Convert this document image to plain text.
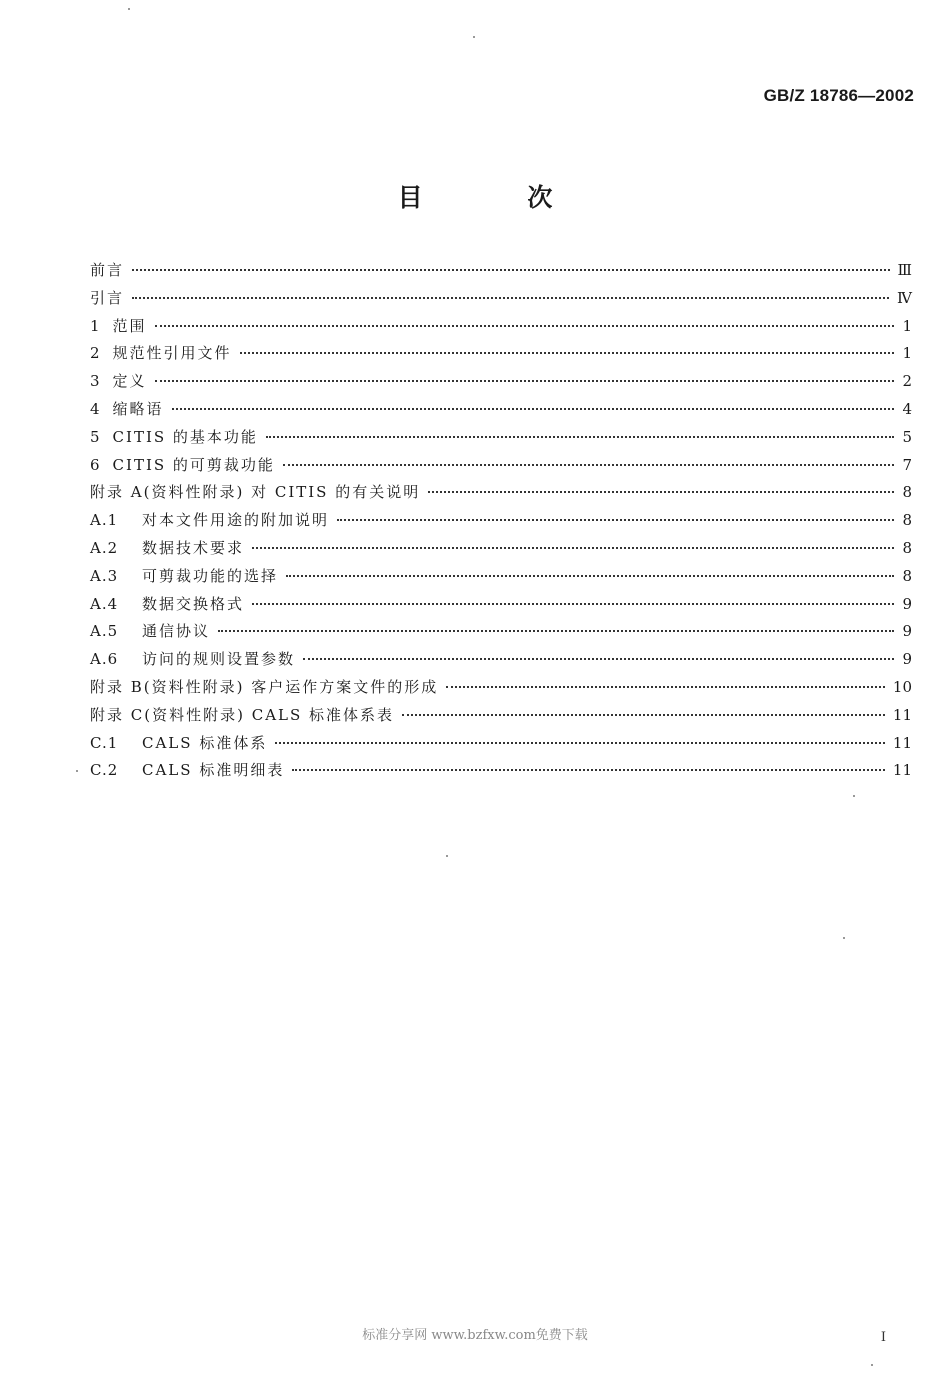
GB/Z 18786—2002
目 次
前言	Ⅲ
引言	Ⅳ
1 范围	1
2 规范性引用文件	1
3 定义	2
4 缩略语	4
5 CITIS 的基本功能	5
6 CITIS 的可剪裁功能	7
附录 A(资料性附录) 对 CITIS 的有关说明	8
A.1	对本文件用途的附加说明	8
A.2	数据技术要求	8
A.3	可剪裁功能的选择	8
A.4	数据交换格式	9
A.5	通信协议	9
A.6	访问的规则设置参数	9
附录 B(资料性附录) 客户运作方案文件的形成	10
附录 C(资料性附录) CALS 标准体系表	11
C.1	CALS 标准体系	11
C.2	CALS 标准明细表	11
标准分享网 www.bzfxw.com免费下载	I
